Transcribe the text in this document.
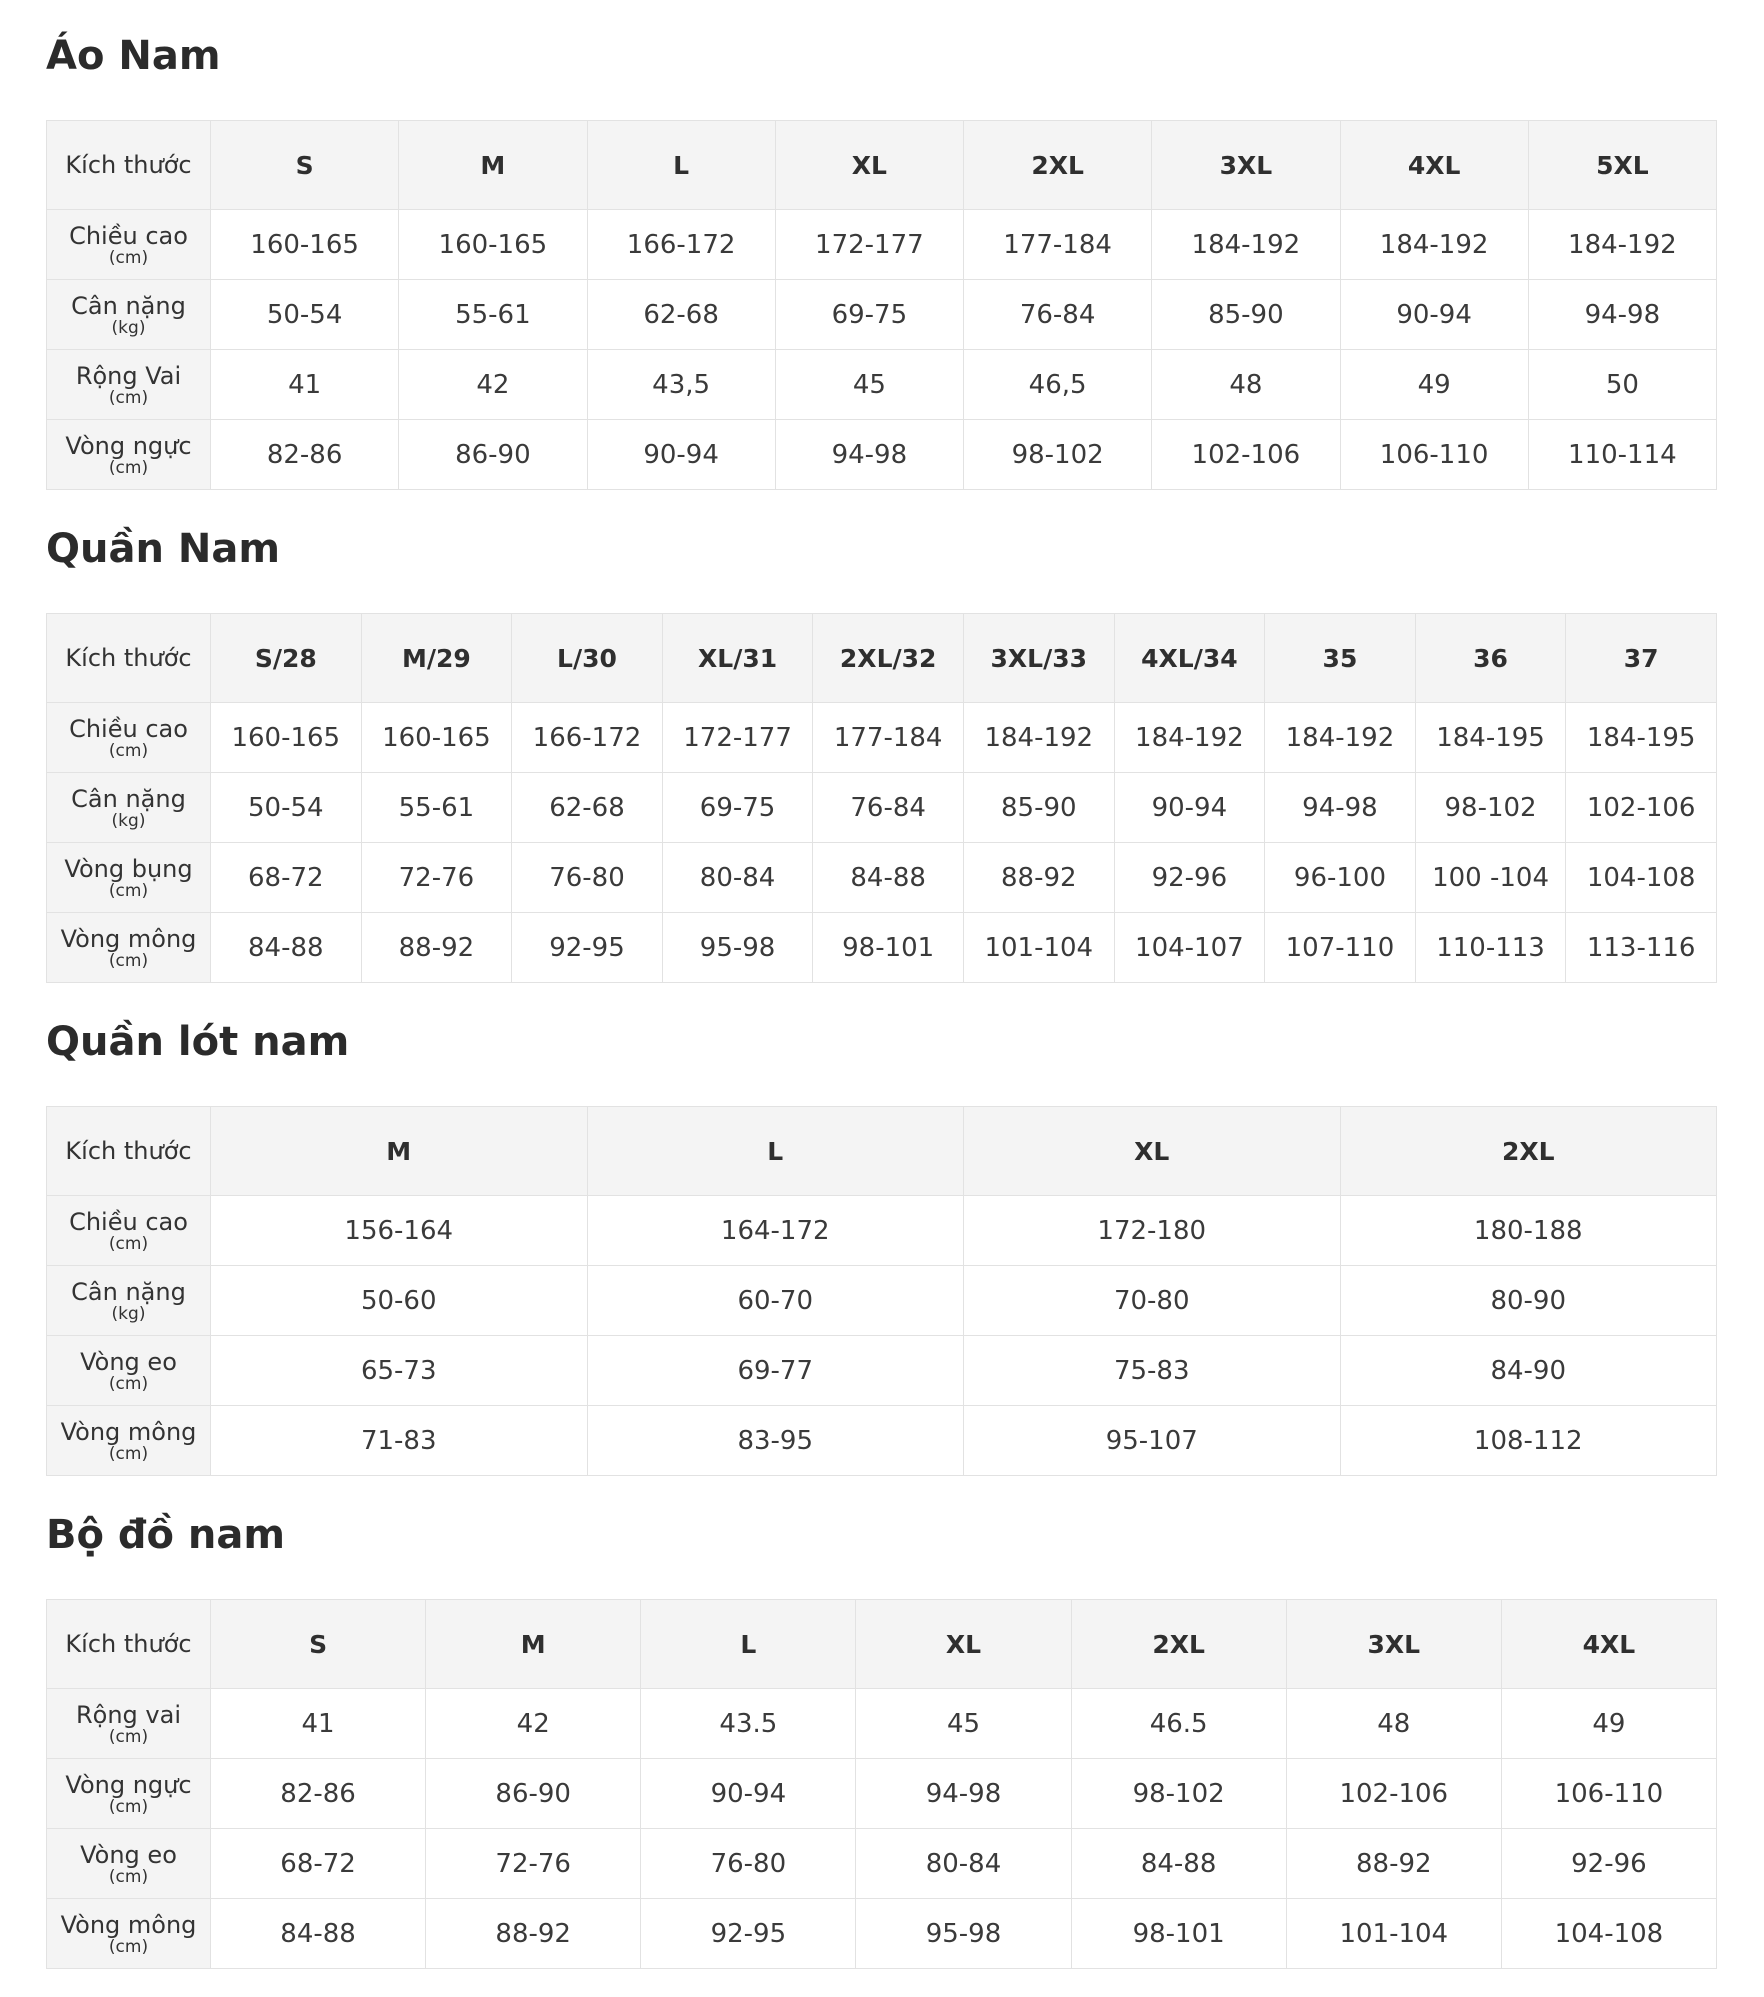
Áo Nam
Kích thước	S	M	L	XL	2XL	3XL	4XL	5XL

Chiều cao
(cm)	160-165	160-165	166-172	172-177	177-184	184-192	184-192	184-192

Cân nặng
(kg)	50-54	55-61	62-68	69-75	76-84	85-90	90-94	94-98

Rộng Vai
(cm)	41	42	43,5	45	46,5	48	49	50

Vòng ngực
(cm)	82-86	86-90	90-94	94-98	98-102	102-106	106-110	110-114
Quần Nam
Kích thước	S/28	M/29	L/30	XL/31	2XL/32	3XL/33	4XL/34	35	36	37

Chiều cao
(cm)	160-165	160-165	166-172	172-177	177-184	184-192	184-192	184-192	184-195	184-195

Cân nặng
(kg)	50-54	55-61	62-68	69-75	76-84	85-90	90-94	94-98	98-102	102-106

Vòng bụng
(cm)	68-72	72-76	76-80	80-84	84-88	88-92	92-96	96-100	100 -104	104-108

Vòng mông
(cm)	84-88	88-92	92-95	95-98	98-101	101-104	104-107	107-110	110-113	113-116
Quần lót nam
Kích thước	M	L	XL	2XL

Chiều cao
(cm)	156-164	164-172	172-180	180-188

Cân nặng
(kg)	50-60	60-70	70-80	80-90

Vòng eo
(cm)	65-73	69-77	75-83	84-90

Vòng mông
(cm)	71-83	83-95	95-107	108-112
Bộ đồ nam
Kích thước	S	M	L	XL	2XL	3XL	4XL

Rộng vai
(cm)	41	42	43.5	45	46.5	48	49

Vòng ngực
(cm)	82-86	86-90	90-94	94-98	98-102	102-106	106-110

Vòng eo
(cm)	68-72	72-76	76-80	80-84	84-88	88-92	92-96

Vòng mông
(cm)	84-88	88-92	92-95	95-98	98-101	101-104	104-108
